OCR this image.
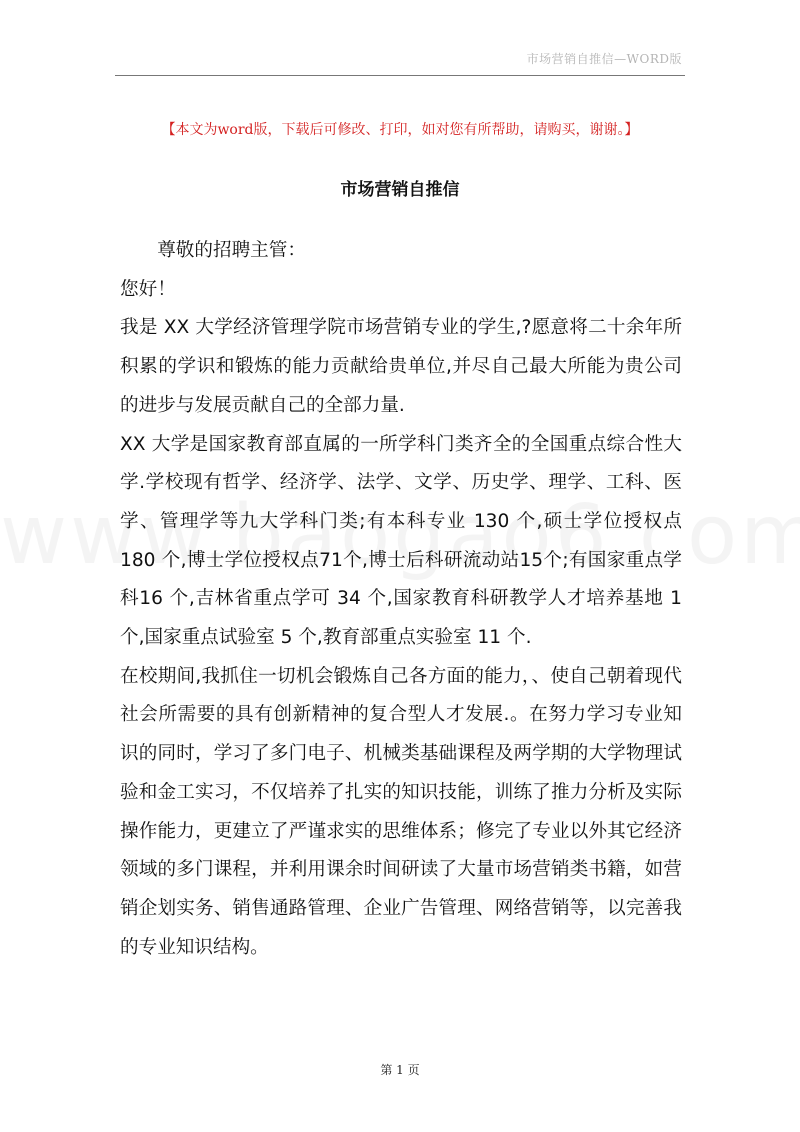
市场营销自推信—WORD版
【本文为word版，下载后可修改、打印，如对您有所帮助，请购买，谢谢。】
市场营销自推信

尊敬的招聘主管：

您好！

我是 XX 大学经济管理学院市场营销专业的学生,?愿意将二十余年所积累的学识和锻炼的能力贡献给贵单位,并尽自己最大所能为贵公司的进步与发展贡献自己的全部力量.

XX 大学是国家教育部直属的一所学科门类齐全的全国重点综合性大学.学校现有哲学、经济学、法学、文学、历史学、理学、工科、医学、管理学等九大学科门类;有本科专业 130 个,硕士学位授权点 180 个,博士学位授权点71个,博士后科研流动站15个;有国家重点学科16 个,吉林省重点学可 34 个,国家教育科研教学人才培养基地 1 个,国家重点试验室 5 个,教育部重点实验室 11 个.

在校期间,我抓住一切机会锻炼自己各方面的能力，、使自己朝着现代社会所需要的具有创新精神的复合型人才发展.。在努力学习专业知识的同时，学习了多门电子、机械类基础课程及两学期的大学物理试验和金工实习，不仅培养了扎实的知识技能，训练了推力分析及实际操作能力，更建立了严谨求实的思维体系；修完了专业以外其它经济领域的多门课程，并利用课余时间研读了大量市场营销类书籍，如营销企划实务、销售通路管理、企业广告管理、网络营销等，以完善我的专业知识结构。

第 1 页
